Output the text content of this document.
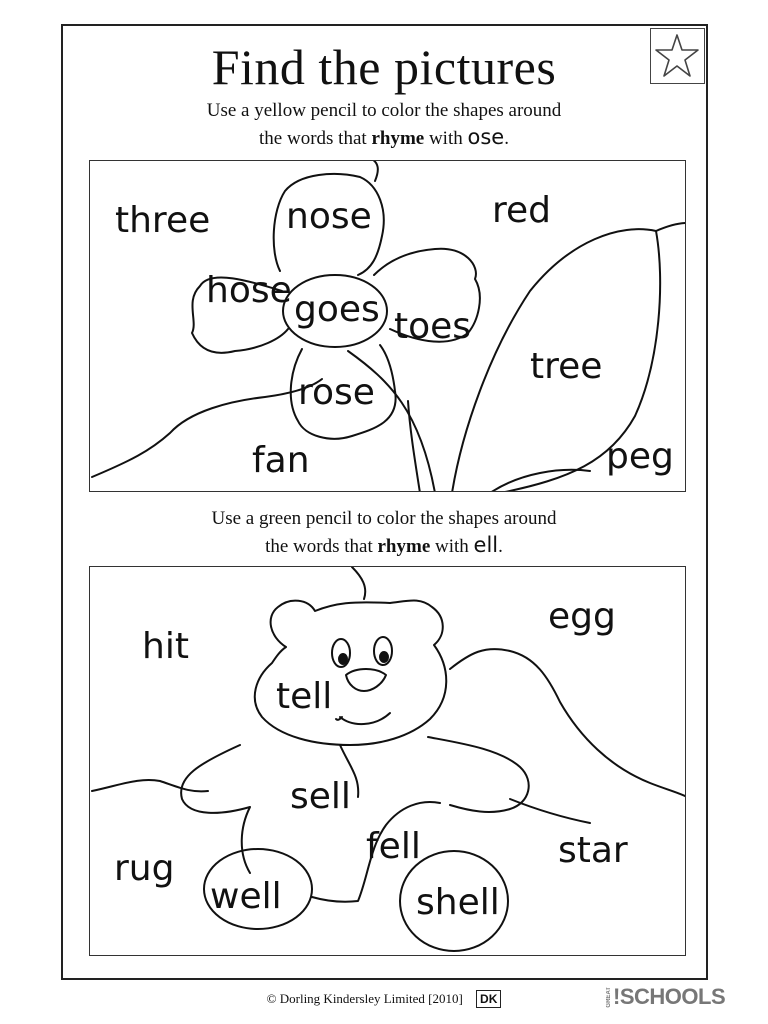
Find the pictures
Use a yellow pencil to color the shapes around
the words that rhyme with ose.
three nose	red
hose goes toes
tree
rose
fan	peg
Use a green pencil to color the shapes around
the words that rhyme with ell.
hit
egg
tell
sell
fell	star
rug
well	shell
© Dorling Kindersley Limited [2010] DK	GREAT!SCHOOLS
